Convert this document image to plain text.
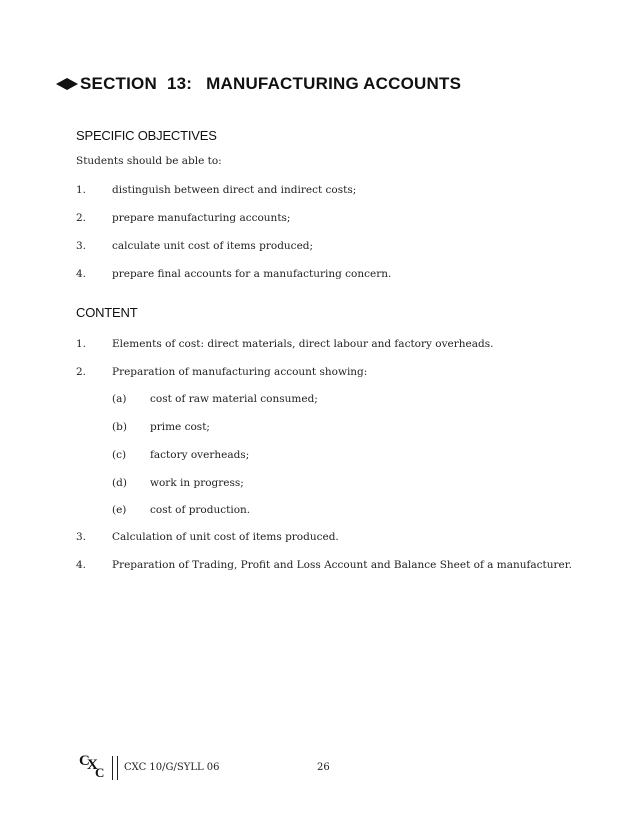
SECTION 13: MANUFACTURING ACCOUNTS
SPECIFIC OBJECTIVES
Students should be able to:
1. distinguish between direct and indirect costs;
2. prepare manufacturing accounts;
3. calculate unit cost of items produced;
4. prepare final accounts for a manufacturing concern.
CONTENT
1. Elements of cost: direct materials, direct labour and factory overheads.
2. Preparation of manufacturing account showing:
(a) cost of raw material consumed;
(b) prime cost;
(c) factory overheads;
(d) work in progress;
(e) cost of production.
3. Calculation of unit cost of items produced.
4. Preparation of Trading, Profit and Loss Account and Balance Sheet of a manufacturer.
C
X
C CXC 10/G/SYLL 06	26
